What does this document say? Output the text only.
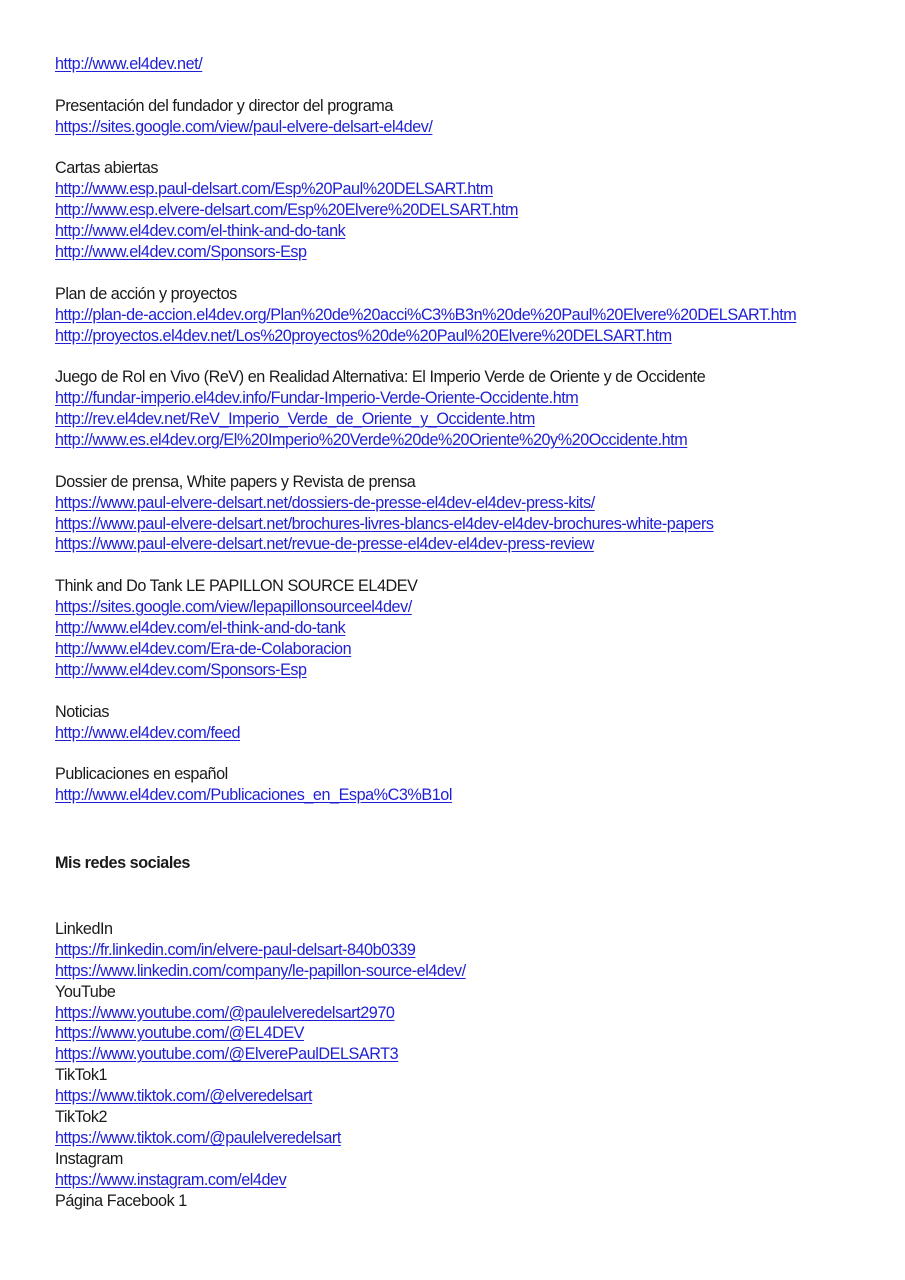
http://www.el4dev.net/
Presentación del fundador y director del programa
https://sites.google.com/view/paul-elvere-delsart-el4dev/
Cartas abiertas
http://www.esp.paul-delsart.com/Esp%20Paul%20DELSART.htm
http://www.esp.elvere-delsart.com/Esp%20Elvere%20DELSART.htm
http://www.el4dev.com/el-think-and-do-tank
http://www.el4dev.com/Sponsors-Esp
Plan de acción y proyectos
http://plan-de-accion.el4dev.org/Plan%20de%20acci%C3%B3n%20de%20Paul%20Elvere%20DELSART.htm
http://proyectos.el4dev.net/Los%20proyectos%20de%20Paul%20Elvere%20DELSART.htm
Juego de Rol en Vivo (ReV) en Realidad Alternativa: El Imperio Verde de Oriente y de Occidente
http://fundar-imperio.el4dev.info/Fundar-Imperio-Verde-Oriente-Occidente.htm
http://rev.el4dev.net/ReV_Imperio_Verde_de_Oriente_y_Occidente.htm
http://www.es.el4dev.org/El%20Imperio%20Verde%20de%20Oriente%20y%20Occidente.htm
Dossier de prensa, White papers y Revista de prensa
https://www.paul-elvere-delsart.net/dossiers-de-presse-el4dev-el4dev-press-kits/
https://www.paul-elvere-delsart.net/brochures-livres-blancs-el4dev-el4dev-brochures-white-papers
https://www.paul-elvere-delsart.net/revue-de-presse-el4dev-el4dev-press-review
Think and Do Tank LE PAPILLON SOURCE EL4DEV
https://sites.google.com/view/lepapillonsourceel4dev/
http://www.el4dev.com/el-think-and-do-tank
http://www.el4dev.com/Era-de-Colaboracion
http://www.el4dev.com/Sponsors-Esp
Noticias
http://www.el4dev.com/feed
Publicaciones en español
http://www.el4dev.com/Publicaciones_en_Espa%C3%B1ol
Mis redes sociales
LinkedIn
https://fr.linkedin.com/in/elvere-paul-delsart-840b0339
https://www.linkedin.com/company/le-papillon-source-el4dev/
YouTube
https://www.youtube.com/@paulelveredelsart2970
https://www.youtube.com/@EL4DEV
https://www.youtube.com/@ElverePaulDELSART3
TikTok1
https://www.tiktok.com/@elveredelsart
TikTok2
https://www.tiktok.com/@paulelveredelsart
Instagram
https://www.instagram.com/el4dev
Página Facebook 1
